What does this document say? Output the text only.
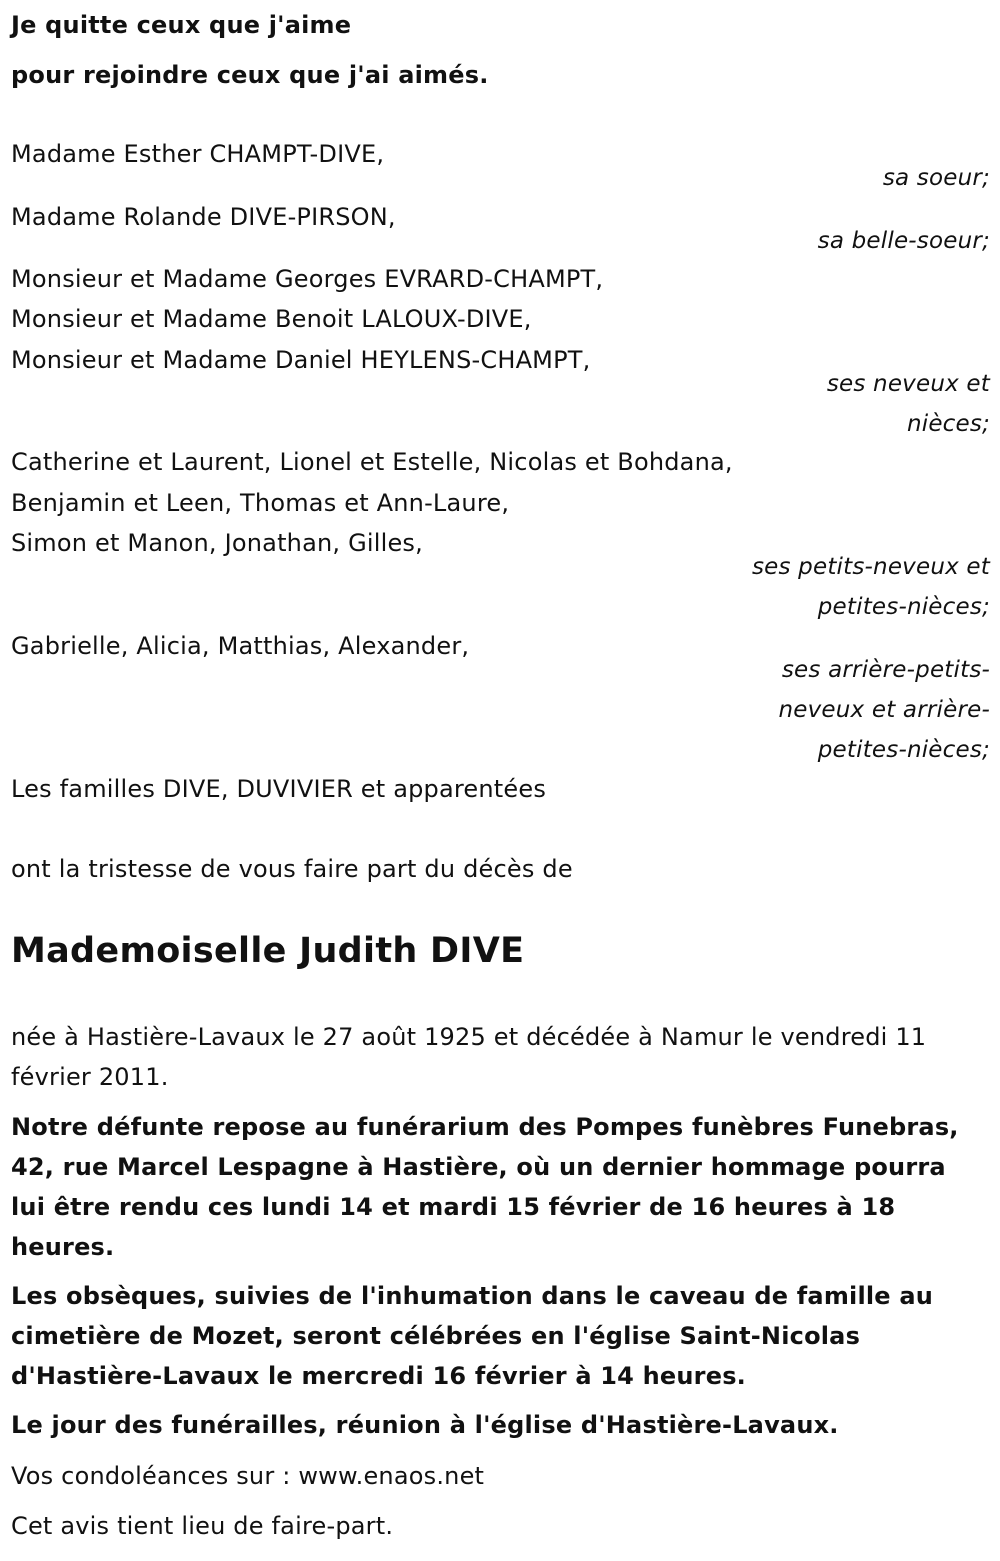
Je quitte ceux que j'aime

pour rejoindre ceux que j'ai aimés.

Madame Esther CHAMPT-DIVE,

sa soeur;

Madame Rolande DIVE-PIRSON,

sa belle-soeur;

Monsieur et Madame Georges EVRARD-CHAMPT,

Monsieur et Madame Benoit LALOUX-DIVE,

Monsieur et Madame Daniel HEYLENS-CHAMPT,

ses neveux et

nièces;

Catherine et Laurent, Lionel et Estelle, Nicolas et Bohdana,

Benjamin et Leen, Thomas et Ann-Laure,

Simon et Manon, Jonathan, Gilles,

ses petits-neveux et

petites-nièces;

Gabrielle, Alicia, Matthias, Alexander,

ses arrière-petits-

neveux et arrière-

petites-nièces;

Les familles DIVE, DUVIVIER et apparentées

ont la tristesse de vous faire part du décès de

Mademoiselle Judith DIVE

née à Hastière-Lavaux le 27 août 1925 et décédée à Namur le vendredi 11 février 2011.

Notre défunte repose au funérarium des Pompes funèbres Funebras, 42, rue Marcel Lespagne à Hastière, où un dernier hommage pourra lui être rendu ces lundi 14 et mardi 15 février de 16 heures à 18 heures.

Les obsèques, suivies de l'inhumation dans le caveau de famille au cimetière de Mozet, seront célébrées en l'église Saint-Nicolas d'Hastière-Lavaux le mercredi 16 février à 14 heures.

Le jour des funérailles, réunion à l'église d'Hastière-Lavaux.

Vos condoléances sur : www.enaos.net

Cet avis tient lieu de faire-part.
